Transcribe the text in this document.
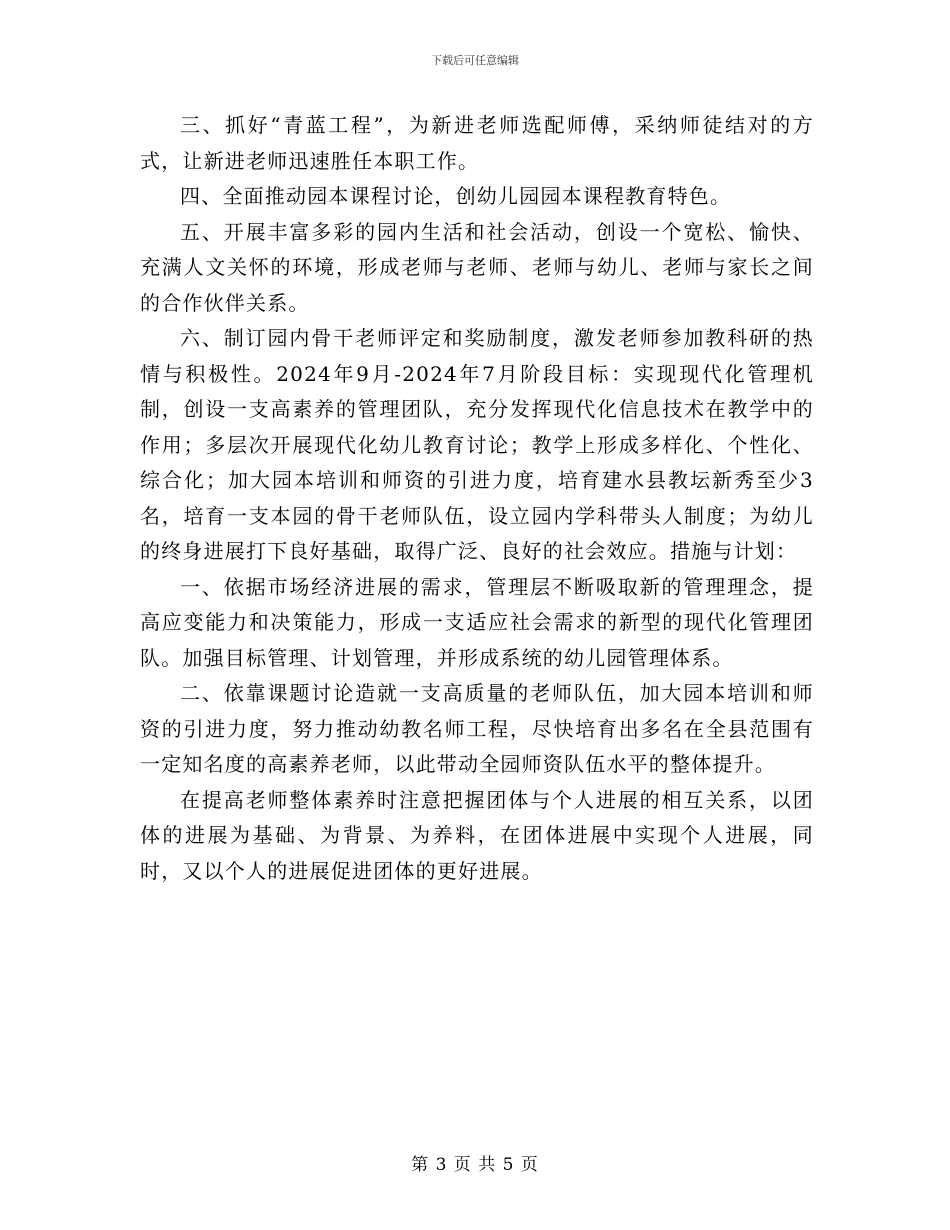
下载后可任意编辑

三、抓好“青蓝工程”，为新进老师选配师傅，采纳师徒结对的方式，让新进老师迅速胜任本职工作。

四、全面推动园本课程讨论，创幼儿园园本课程教育特色。

五、开展丰富多彩的园内生活和社会活动，创设一个宽松、愉快、充满人文关怀的环境，形成老师与老师、老师与幼儿、老师与家长之间的合作伙伴关系。

六、制订园内骨干老师评定和奖励制度，激发老师参加教科研的热情与积极性。2024年9月-2024年7月阶段目标：实现现代化管理机制，创设一支高素养的管理团队，充分发挥现代化信息技术在教学中的作用；多层次开展现代化幼儿教育讨论；教学上形成多样化、个性化、综合化；加大园本培训和师资的引进力度，培育建水县教坛新秀至少3名，培育一支本园的骨干老师队伍，设立园内学科带头人制度；为幼儿的终身进展打下良好基础，取得广泛、良好的社会效应。措施与计划：

一、依据市场经济进展的需求，管理层不断吸取新的管理理念，提高应变能力和决策能力，形成一支适应社会需求的新型的现代化管理团队。加强目标管理、计划管理，并形成系统的幼儿园管理体系。

二、依靠课题讨论造就一支高质量的老师队伍，加大园本培训和师资的引进力度，努力推动幼教名师工程，尽快培育出多名在全县范围有一定知名度的高素养老师，以此带动全园师资队伍水平的整体提升。

在提高老师整体素养时注意把握团体与个人进展的相互关系，以团体的进展为基础、为背景、为养料，在团体进展中实现个人进展，同时，又以个人的进展促进团体的更好进展。

第 3 页 共 5 页
